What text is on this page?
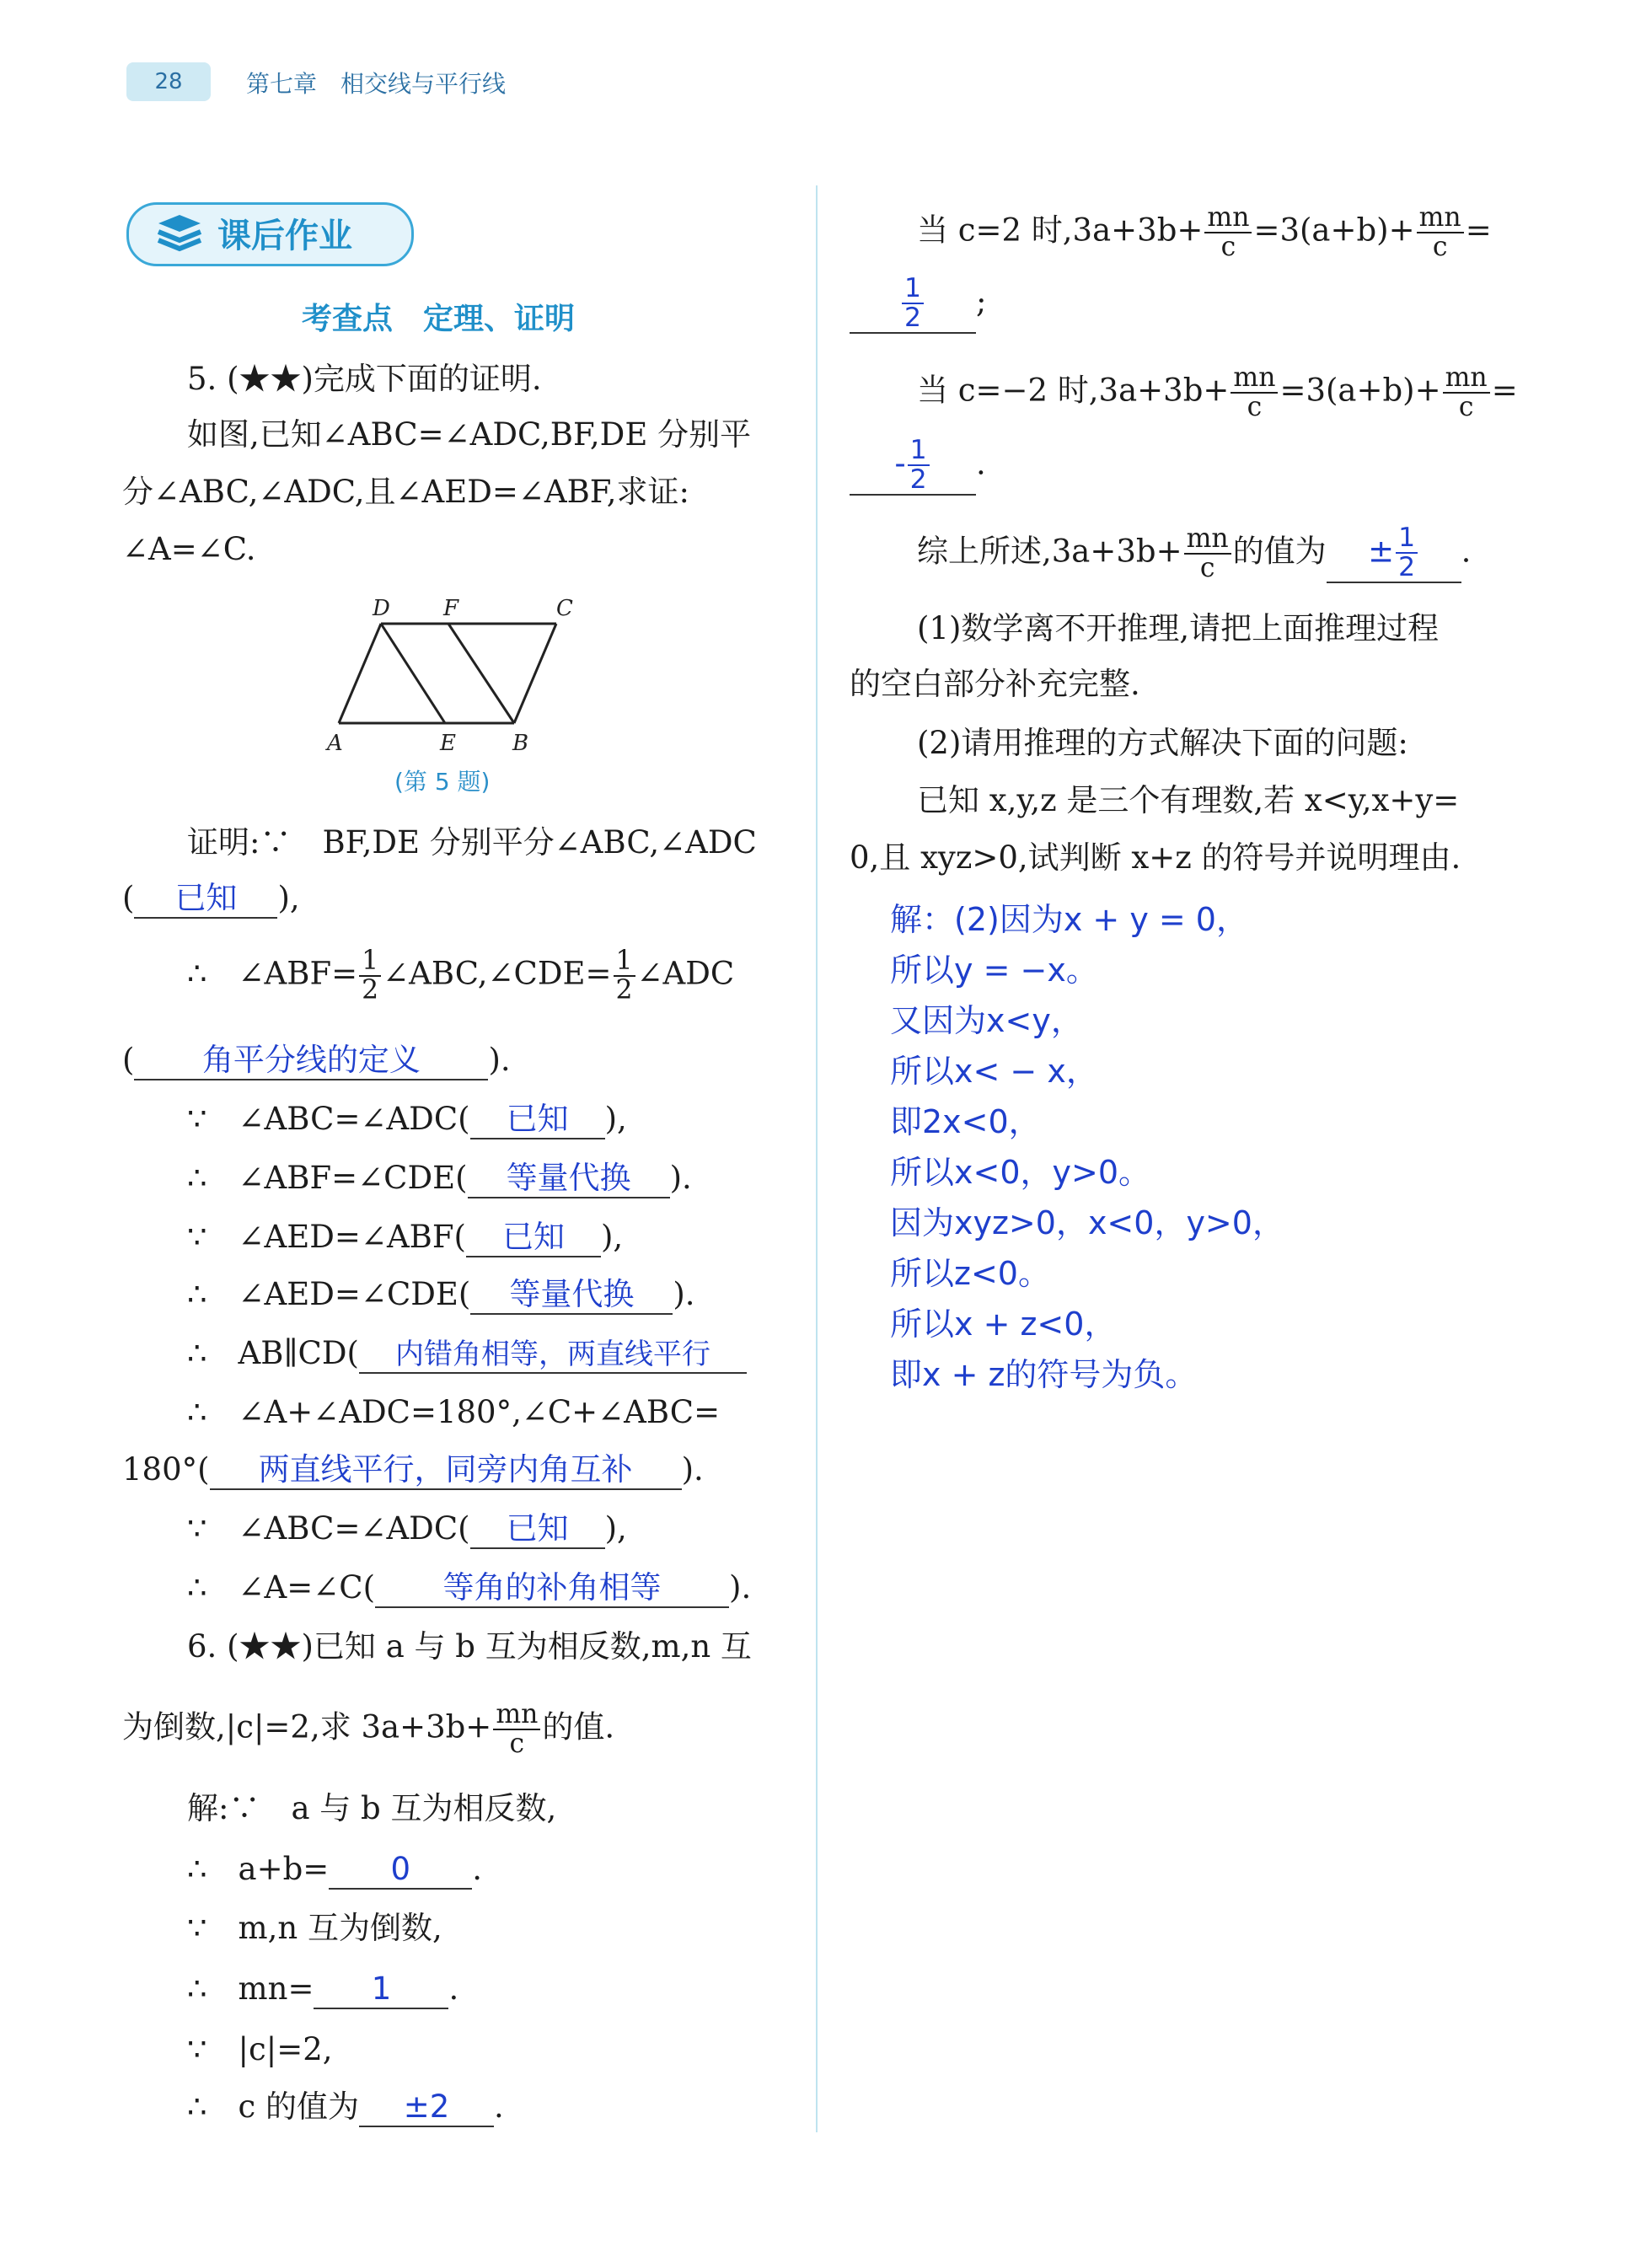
28	第七章　相交线与平行线
课后作业
考查点　定理、证明
5. (★★)完成下面的证明.
如图,已知∠ABC=∠ADC,BF,DE 分别平
分∠ABC,∠ADC,且∠AED=∠ABF,求证:
∠A=∠C.
D F	C
A	E	B
(第 5 题)
证明:∵　BF,DE 分别平分∠ABC,∠ADC
( 已知 ),
∴　∠ABF= $\frac{1}{2}$ ∠ABC,∠CDE= $\frac{1}{2}$ ∠ADC
( 角平分线的定义 ).
∵　∠ABC=∠ADC( 已知 ),
∴　∠ABF=∠CDE( 等量代换 ).
∵　∠AED=∠ABF( 已知 ),
∴　∠AED=∠CDE( 等量代换 ).
∴　AB∥CD( 内错角相等，两直线平行
∴　∠A+∠ADC=180°,∠C+∠ABC=
180°( 两直线平行，同旁内角互补 ).
∵　∠ABC=∠ADC( 已知 ),
∴　∠A=∠C( 等角的补角相等 ).
6. (★★)已知 a 与 b 互为相反数,m,n 互
为倒数,|c|=2,求 $3a+3b+ \frac{mn}{c}$ 的值.
解:∵　a 与 b 互为相反数,
∴　a+b= 0 .
∵　m,n 互为倒数,
∴　mn= 1 .
∵　|c|=2,
∴　c 的值为 ±2 .
当 c=2 时$,3a+3b+ \frac{mn}{c} =3(a+b)+ \frac{mn}{c}$ =
$\frac{1}{2}$ ;
当 c=−2 时$,3a+3b+ \frac{mn}{c} =3(a+b)+ \frac{mn}{c}$ =
- $\frac{1}{2}$ .
综上所述$,3a+3b+ \frac{mn}{c}$ 的值为 ± $\frac{1}{2}$ .
(1)数学离不开推理,请把上面推理过程
的空白部分补充完整.
(2)请用推理的方式解决下面的问题:
已知 x,y,z 是三个有理数,若 x<y,x+y=
0,且 xyz>0,试判断 x+z 的符号并说明理由.
解：(2)因为x + y = 0，
所以y = −x。
又因为x<y，
所以x< − x，
即2x<0，
所以x<0，y>0。
因为xyz>0，x<0，y>0，
所以z<0。
所以x + z<0，
即x + z的符号为负。
